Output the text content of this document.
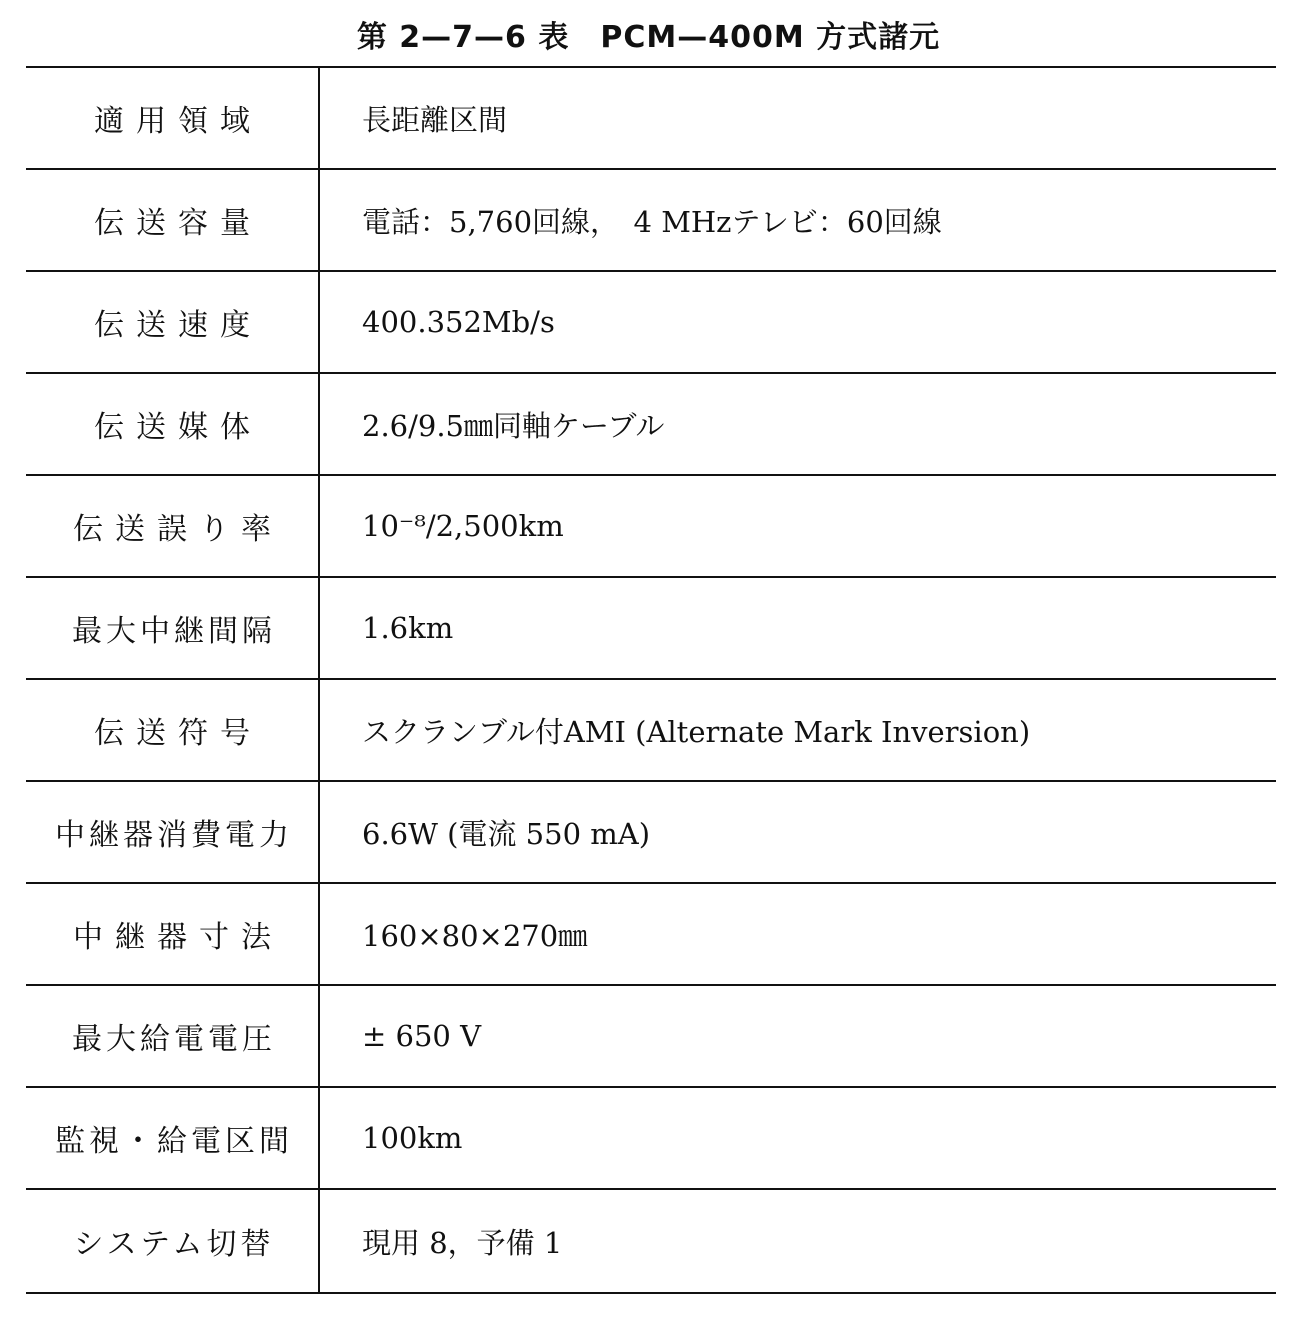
第 2—7—6 表　PCM—400M 方式諸元
適用領域	長距離区間
伝送容量	電話：5,760回線，　4 MHzテレビ：60回線
伝送速度	400.352Mb/s
伝送媒体	2.6/9.5㎜同軸ケーブル
伝送誤り率	10⁻⁸/2,500km
最大中継間隔	1.6km
伝送符号	スクランブル付AMI (Alternate Mark Inversion)
中継器消費電力	6.6W (電流 550 mA)
中継器寸法	160×80×270㎜
最大給電電圧	± 650 V
監視・給電区間	100km
システム切替	現用 8，予備 1
